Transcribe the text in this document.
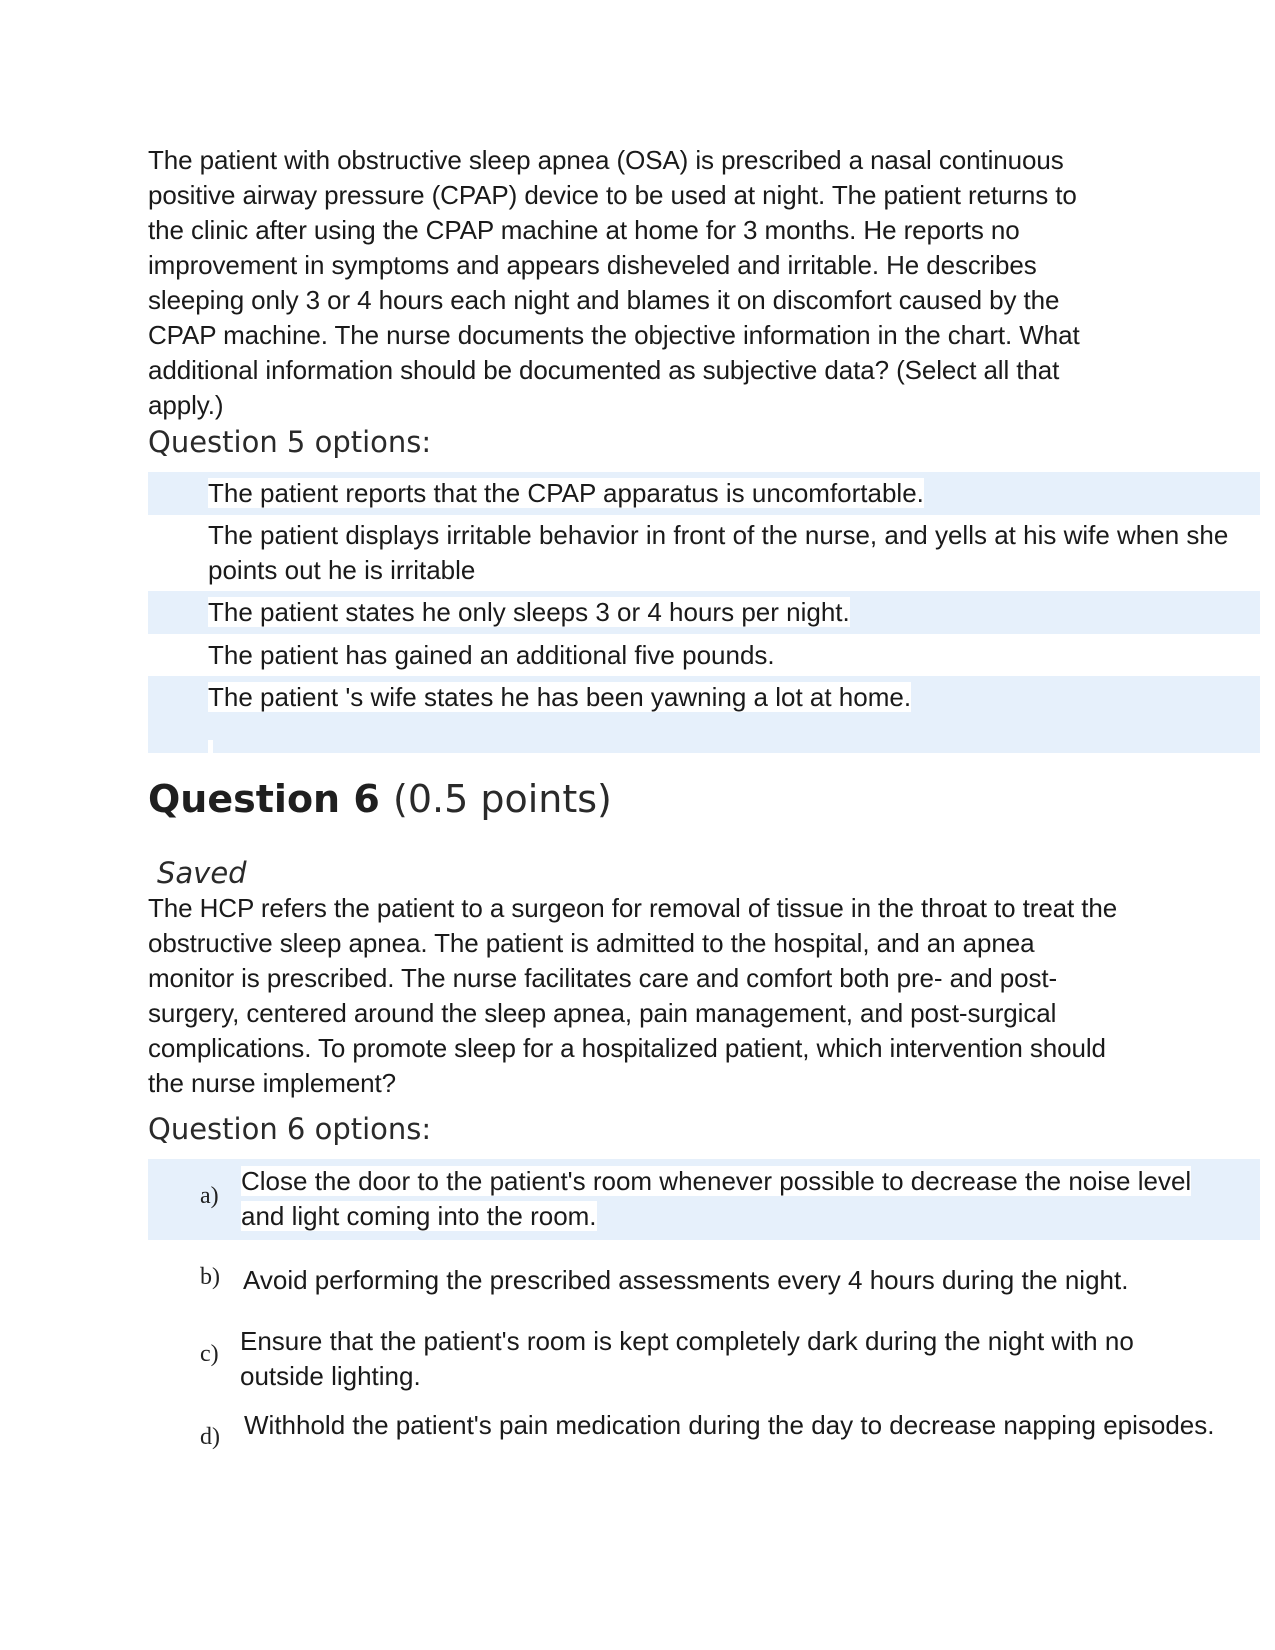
The patient with obstructive sleep apnea (OSA) is prescribed a nasal continuous positive airway pressure (CPAP) device to be used at night. The patient returns to the clinic after using the CPAP machine at home for 3 months. He reports no improvement in symptoms and appears disheveled and irritable. He describes sleeping only 3 or 4 hours each night and blames it on discomfort caused by the CPAP machine. The nurse documents the objective information in the chart. What additional information should be documented as subjective data? (Select all that apply.)

Question 5 options:

The patient reports that the CPAP apparatus is uncomfortable.

The patient displays irritable behavior in front of the nurse, and yells at his wife when she points out he is irritable

The patient states he only sleeps 3 or 4 hours per night.

The patient has gained an additional five pounds.

The patient 's wife states he has been yawning a lot at home.

Question 6 (0.5 points)

Saved

The HCP refers the patient to a surgeon for removal of tissue in the throat to treat the obstructive sleep apnea. The patient is admitted to the hospital, and an apnea monitor is prescribed. The nurse facilitates care and comfort both pre- and post-surgery, centered around the sleep apnea, pain management, and post-surgical complications. To promote sleep for a hospitalized patient, which intervention should the nurse implement?

Question 6 options:

a) Close the door to the patient's room whenever possible to decrease the noise level and light coming into the room.

b) Avoid performing the prescribed assessments every 4 hours during the night.

c) Ensure that the patient's room is kept completely dark during the night with no outside lighting.

d) Withhold the patient's pain medication during the day to decrease napping episodes.
